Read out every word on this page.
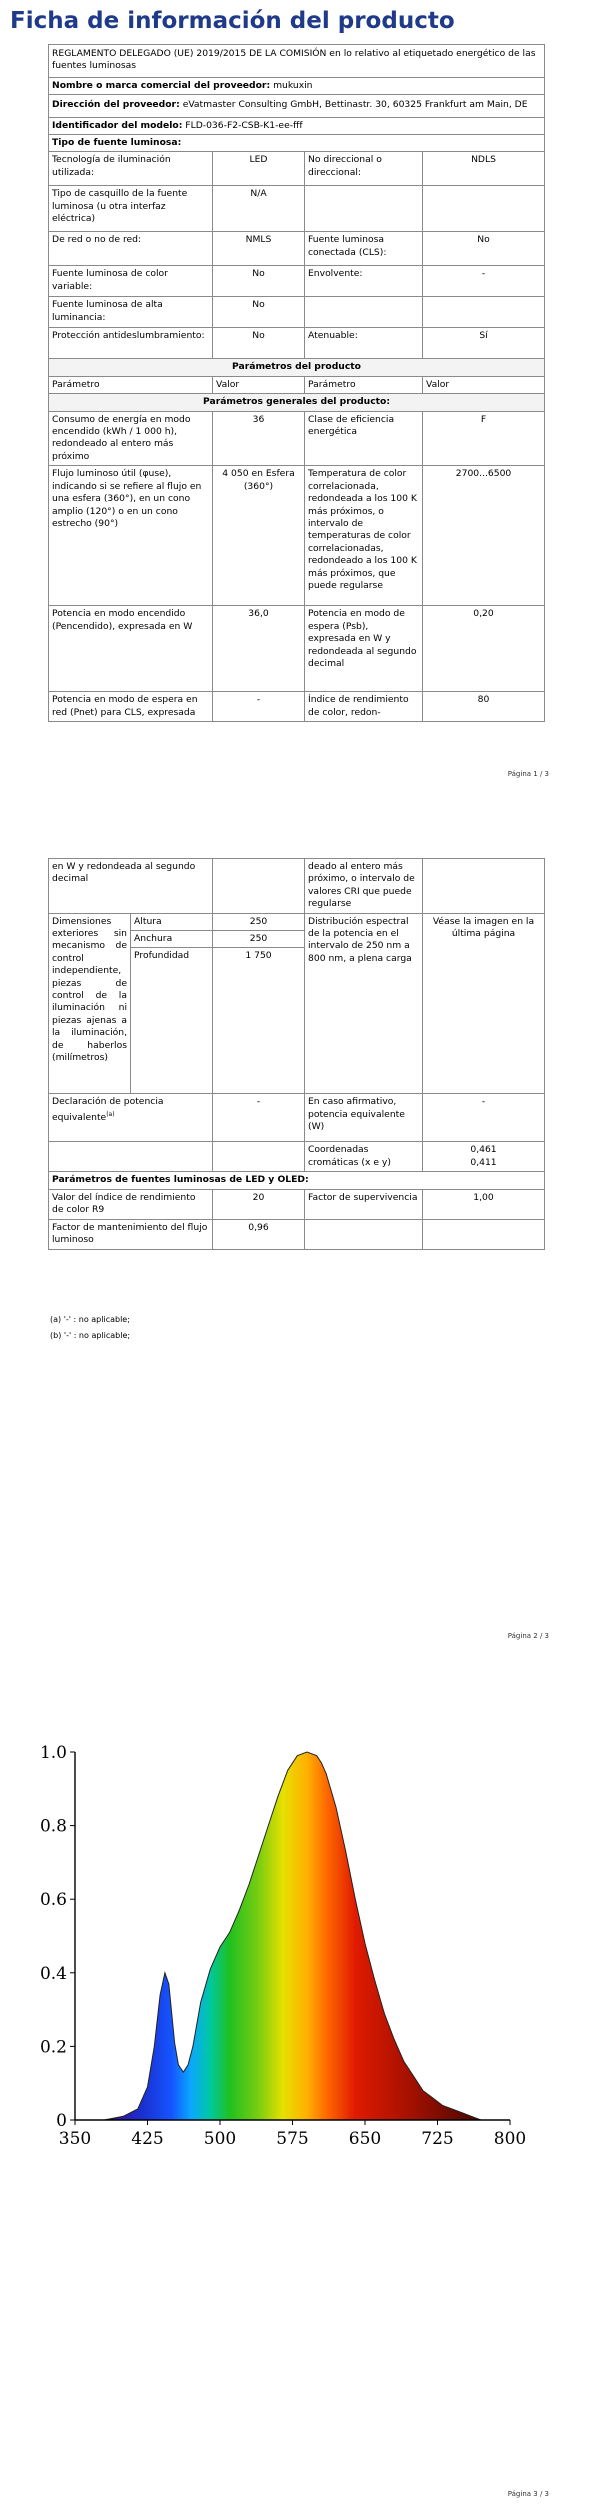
Ficha de información del producto
REGLAMENTO DELEGADO (UE) 2019/2015 DE LA COMISIÓN en lo relativo al etiquetado energético de las fuentes luminosas			
Nombre o marca comercial del proveedor: mukuxin			
Dirección del proveedor: eVatmaster Consulting GmbH, Bettinastr. 30, 60325 Frankfurt am Main, DE			
Identificador del modelo: FLD-036-F2-CSB-K1-ee-fff			
Tipo de fuente luminosa:			
Tecnología de iluminación utilizada:	LED	No direccional o direccional:	NDLS
Tipo de casquillo de la fuente luminosa (u otra interfaz eléctrica)	N/A		
De red o no de red:	NMLS	Fuente luminosa conectada (CLS):	No
Fuente luminosa de color variable:	No	Envolvente:	-
Fuente luminosa de alta luminancia:	No		
Protección antideslumbramiento:	No	Atenuable:	Sí
Parámetros del producto			
Parámetro	Valor	Parámetro	Valor
Parámetros generales del producto:			
Consumo de energía en modo encendido (kWh / 1 000 h), redondeado al entero más próximo	36	Clase de eficiencia energética	F
Flujo luminoso útil (φuse), indicando si se refiere al flujo en una esfera (360°), en un cono amplio (120°) o en un cono estrecho (90°)	4 050 en Esfera (360°)	Temperatura de color correlacionada, redondeada a los 100 K más próximos, o intervalo de temperaturas de color correlacionadas, redondeado a los 100 K más próximos, que puede regularse	2700...6500
Potencia en modo encendido (Pencendido), expresada en W	36,0	Potencia en modo de espera (Psb), expresada en W y redondeada al segundo decimal	0,20
Potencia en modo de espera en red (Pnet) para CLS, expresada	-	Índice de rendimiento de color, redon-	80
Página 1 / 3
en W y redondeada al segundo decimal			deado al entero más próximo, o intervalo de valores CRI que puede regularse	
Dimensiones exteriores sin mecanismo de control independiente, piezas de control de la iluminación ni piezas ajenas a la iluminación, de haberlos (milímetros)	Altura	250	Distribución espectral de la potencia en el intervalo de 250 nm a 800 nm, a plena carga	Véase la imagen en la última página
	Anchura	250		
	Profundidad	1 750		
Declaración de potencia equivalente$^{(a)}$		-	En caso afirmativo, potencia equivalente (W)	-
			Coordenadas cromáticas (x e y)	0,461
0,411

Parámetros de fuentes luminosas de LED y OLED:				
Valor del índice de rendimiento de color R9		20	Factor de supervivencia	1,00
Factor de mantenimiento del flujo luminoso		0,96		
(a) '-' : no aplicable;
(b) '-' : no aplicable;
Página 2 / 3
350 425 500 575 650 725 800
0
0.2
0.4
0.6
0.8
1.0
Página 3 / 3
